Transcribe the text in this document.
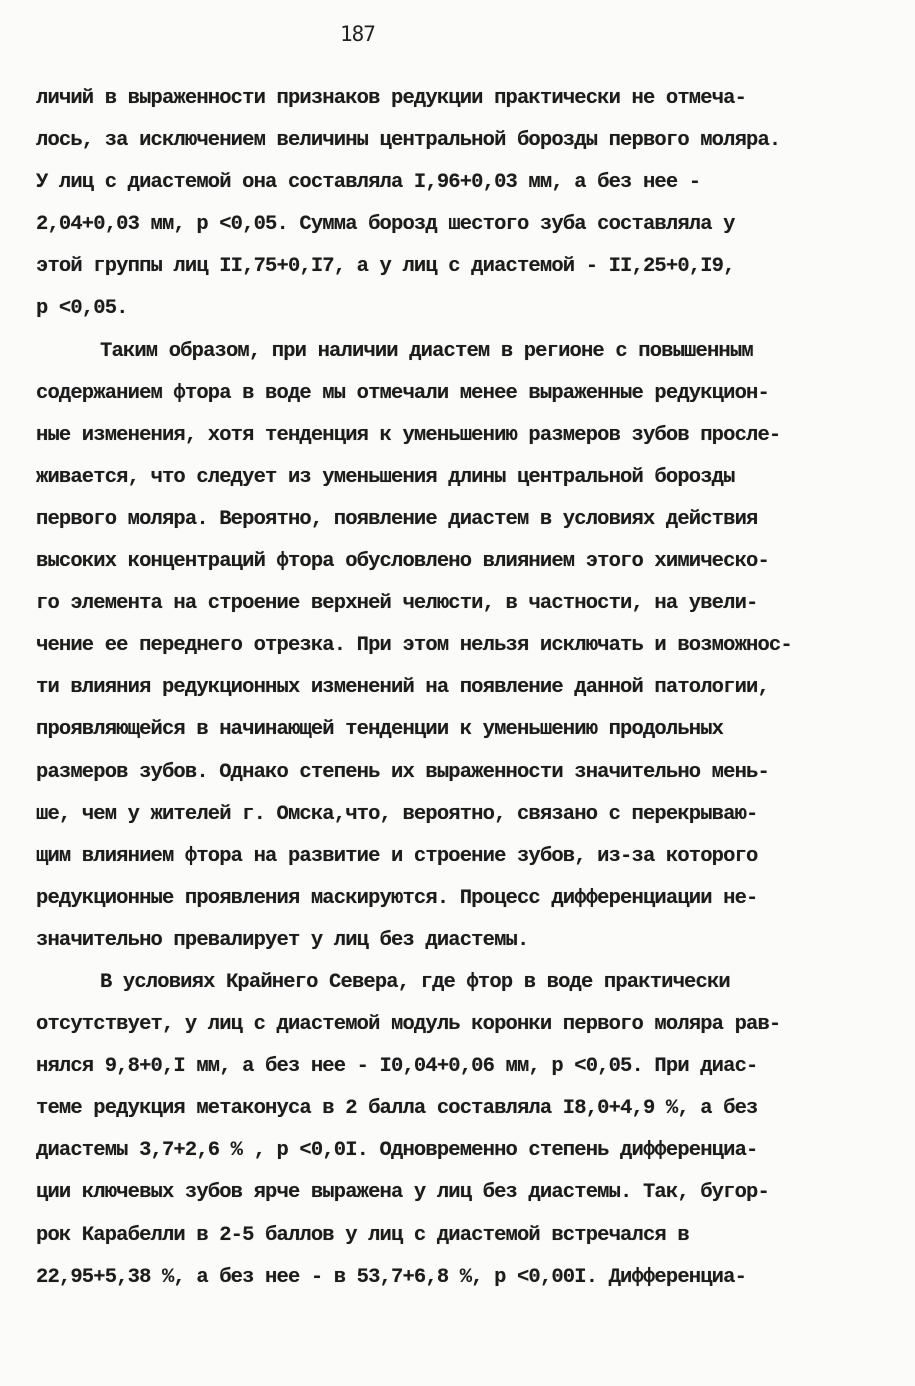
187
личий в выраженности признаков редукции практически не отмеча-
лось, за исключением величины центральной борозды первого моляра.
У лиц с диастемой она составляла I,96+0,03 мм, а без нее -
2,04+0,03 мм, р <0,05. Сумма борозд шестого зуба составляла у
этой группы лиц II,75+0,I7, а у лиц с диастемой - II,25+0,I9,
р <0,05.
Таким образом, при наличии диастем в регионе с повышенным
содержанием фтора в воде мы отмечали менее выраженные редукцион-
ные изменения, хотя тенденция к уменьшению размеров зубов просле-
живается, что следует из уменьшения длины центральной борозды
первого моляра. Вероятно, появление диастем в условиях действия
высоких концентраций фтора обусловлено влиянием этого химическо-
го элемента на строение верхней челюсти, в частности, на увели-
чение ее переднего отрезка. При этом нельзя исключать и возможнос-
ти влияния редукционных изменений на появление данной патологии,
проявляющейся в начинающей тенденции к уменьшению продольных
размеров зубов. Однако степень их выраженности значительно мень-
ше, чем у жителей г. Омска,что, вероятно, связано с перекрываю-
щим влиянием фтора на развитие и строение зубов, из-за которого
редукционные проявления маскируются. Процесс дифференциации не-
значительно превалирует у лиц без диастемы.
В условиях Крайнего Севера, где фтор в воде практически
отсутствует, у лиц с диастемой модуль коронки первого моляра рав-
нялся 9,8+0,I мм, а без нее - I0,04+0,06 мм, р <0,05. При диас-
теме редукция метаконуса в 2 балла составляла I8,0+4,9 %, а без
диастемы 3,7+2,6 % , р <0,0I. Одновременно степень дифференциа-
ции ключевых зубов ярче выражена у лиц без диастемы. Так, бугор-
рок Карабелли в 2-5 баллов у лиц с диастемой встречался в
22,95+5,38 %, а без нее - в 53,7+6,8 %, р <0,00I. Дифференциа-
